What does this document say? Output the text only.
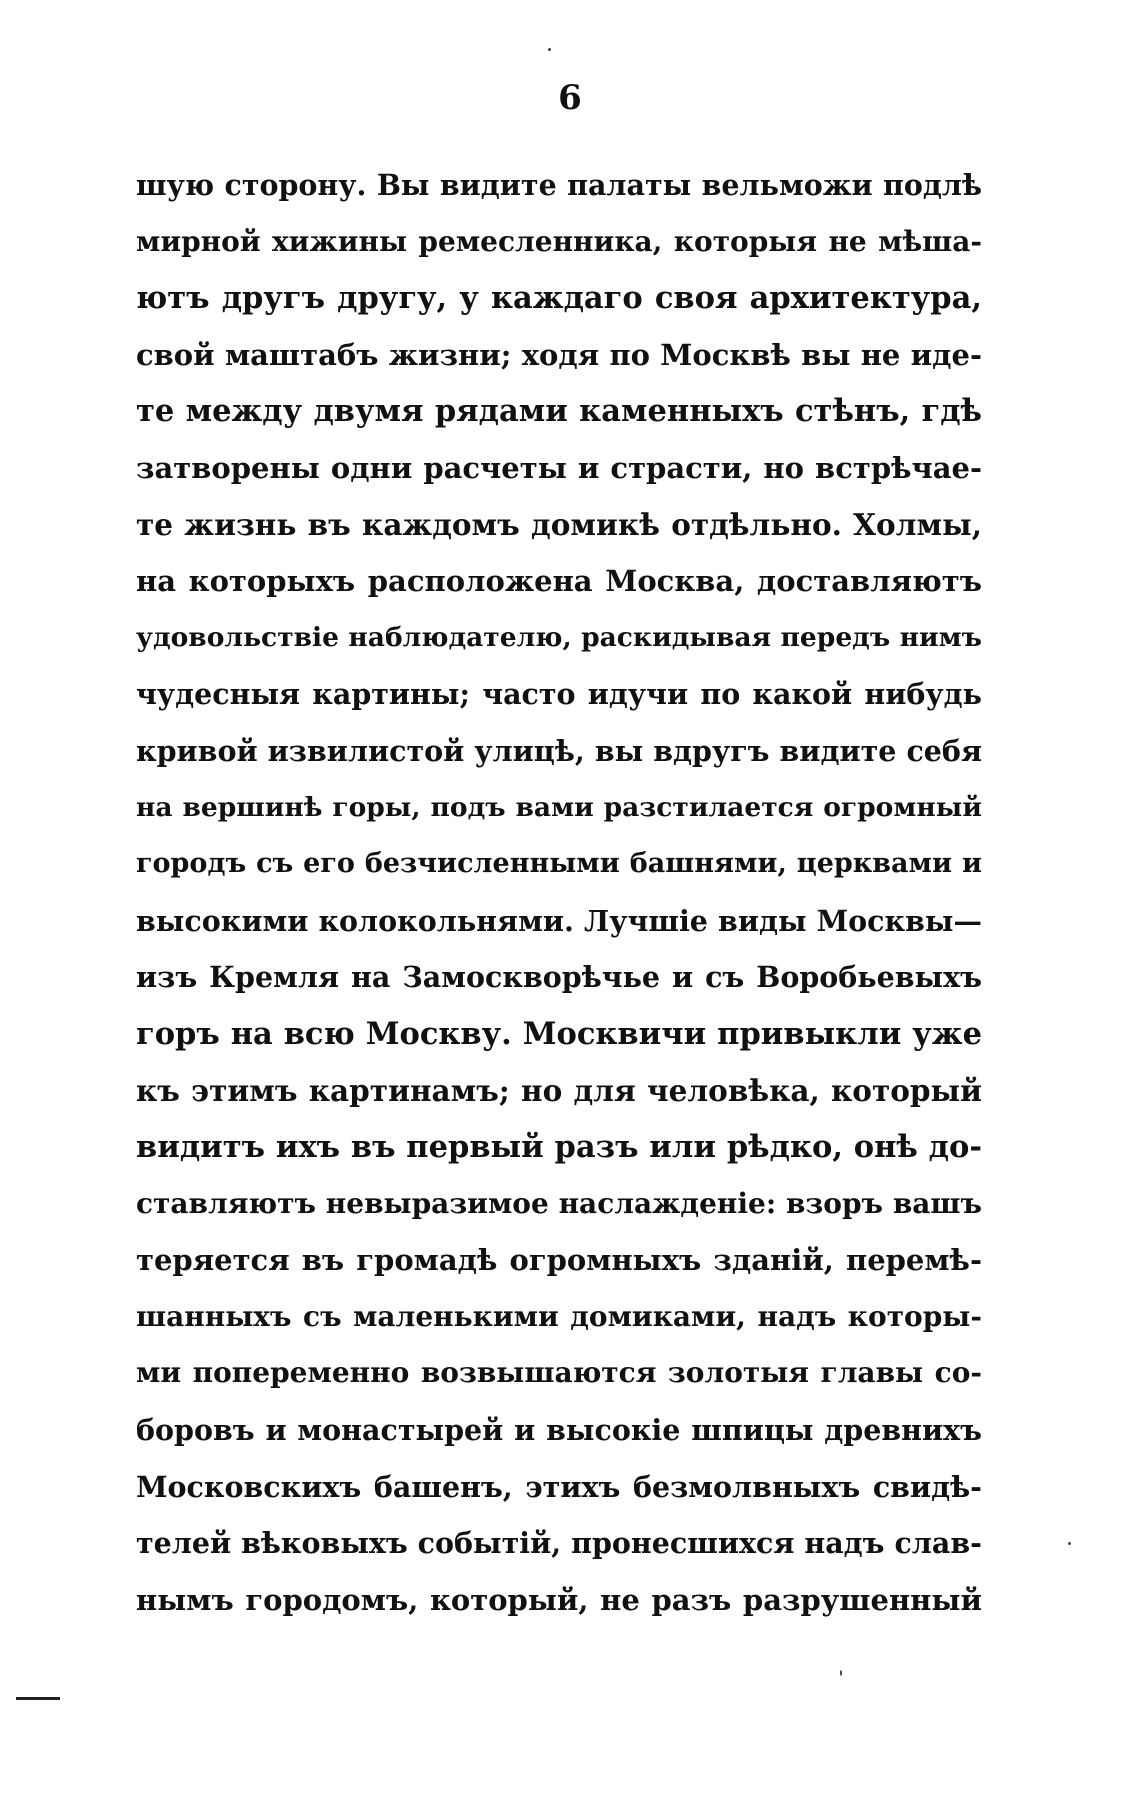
6
шую сторону. Вы видите палаты вельможи подлѣ
мирной хижины ремесленника, которыя не мѣша-
ютъ другъ другу, у каждаго своя архитектура,
свой маштабъ жизни; ходя по Москвѣ вы не иде-
те между двумя рядами каменныхъ стѣнъ, гдѣ
затворены одни расчеты и страсти, но встрѣчае-
те жизнь въ каждомъ домикѣ отдѣльно. Холмы,
на которыхъ расположена Москва, доставляютъ
удовольствiе наблюдателю, раскидывая передъ нимъ
чудесныя картины; часто идучи по какой нибудь
кривой извилистой улицѣ, вы вдругъ видите себя
на вершинѣ горы, подъ вами разстилается огромный
городъ съ его безчисленными башнями, церквами и
высокими колокольнями. Лучшiе виды Москвы—
изъ Кремля на Замоскворѣчье и съ Воробьевыхъ
горъ на всю Москву. Москвичи привыкли уже
къ этимъ картинамъ; но для человѣка, который
видитъ ихъ въ первый разъ или рѣдко, онѣ до-
ставляютъ невыразимое наслажденiе: взоръ вашъ
теряется въ громадѣ огромныхъ зданiй, перемѣ-
шанныхъ съ маленькими домиками, надъ которы-
ми попеременно возвышаются золотыя главы со-
боровъ и монастырей и высокiе шпицы древнихъ
Московскихъ башенъ, этихъ безмолвныхъ свидѣ-
телей вѣковыхъ событiй, пронесшихся надъ слав-
нымъ городомъ, который, не разъ разрушенный
